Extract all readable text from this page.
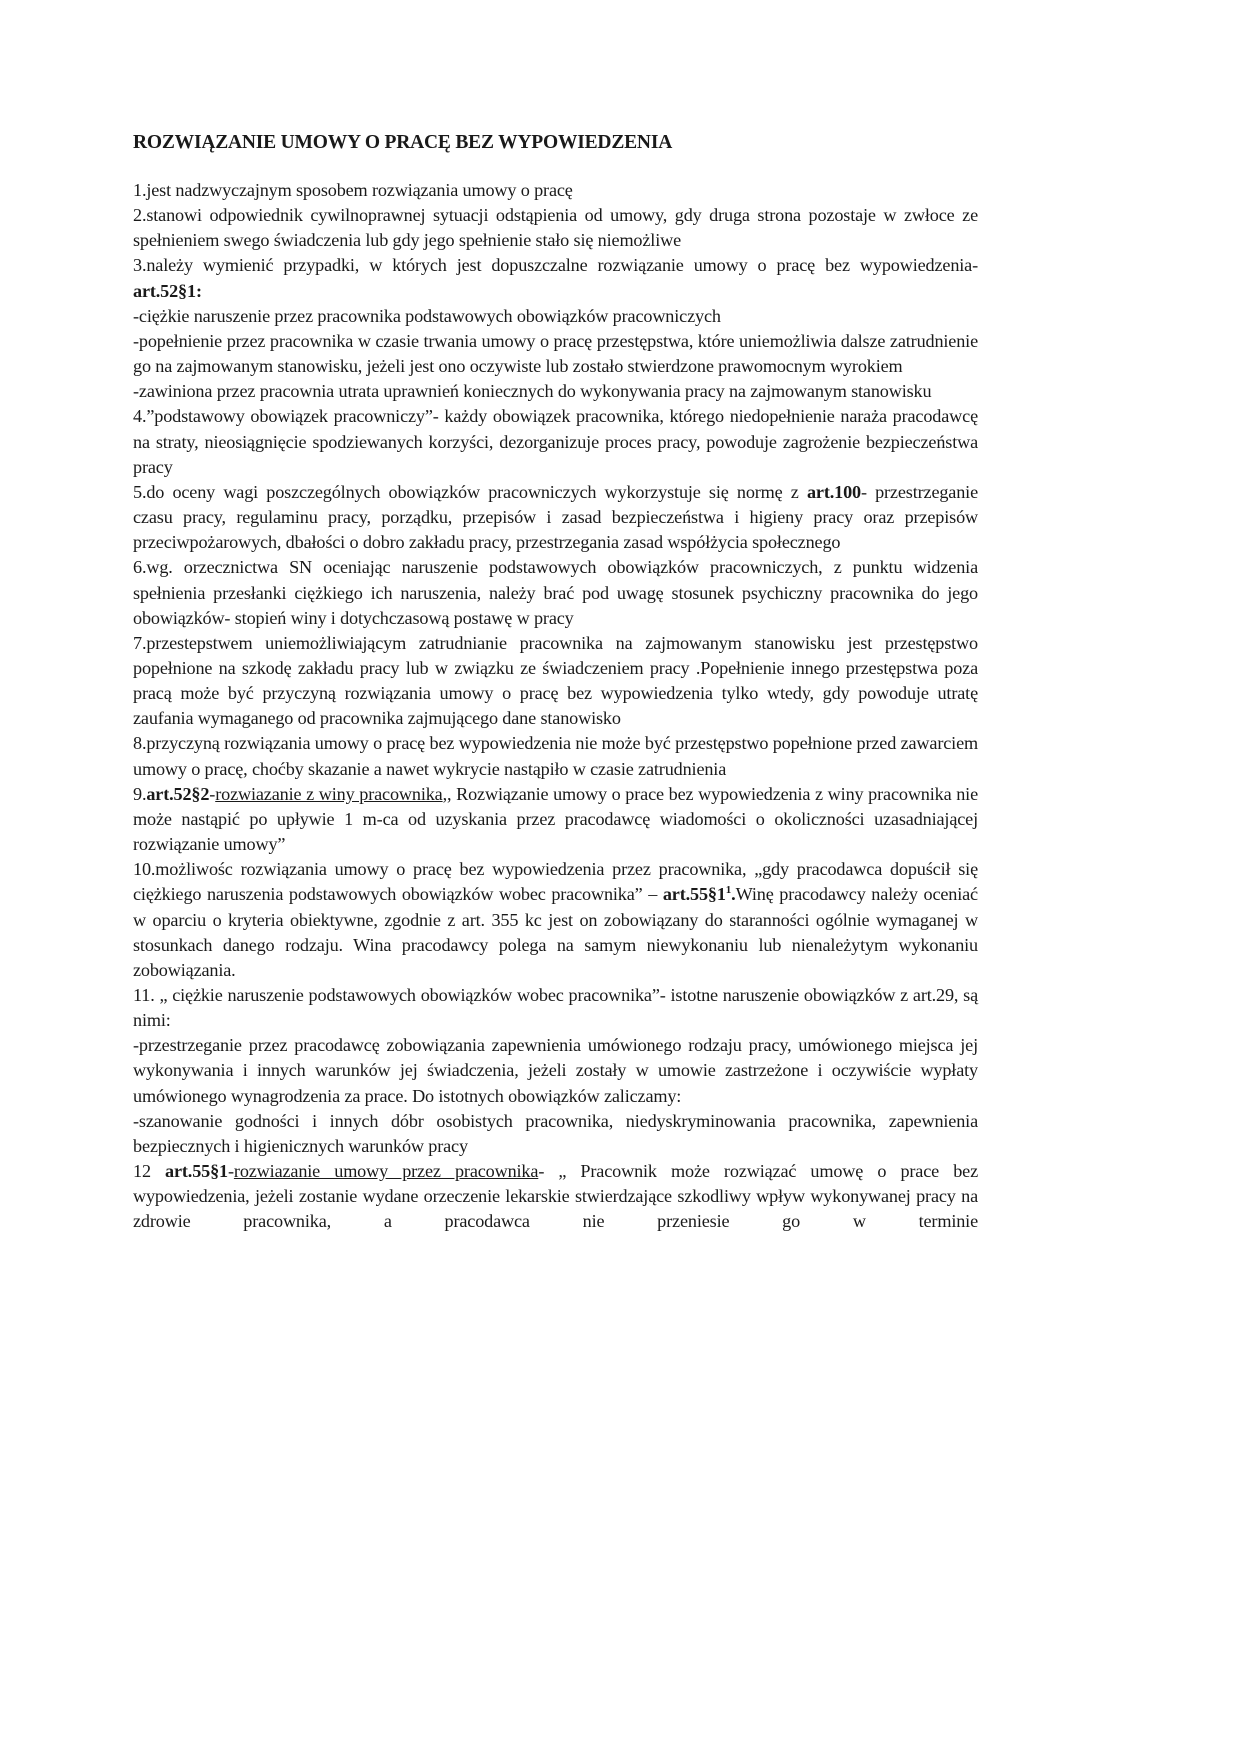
ROZWIĄZANIE UMOWY O PRACĘ BEZ WYPOWIEDZENIA

1.jest nadzwyczajnym sposobem rozwiązania umowy o pracę

2.stanowi odpowiednik cywilnoprawnej sytuacji odstąpienia od umowy, gdy druga strona pozostaje w zwłoce ze spełnieniem swego świadczenia lub gdy jego spełnienie stało się niemożliwe

3.należy wymienić przypadki, w których jest dopuszczalne rozwiązanie umowy o pracę bez wypowiedzenia-art.52§1:

-ciężkie naruszenie przez pracownika podstawowych obowiązków pracowniczych

-popełnienie przez pracownika w czasie trwania umowy o pracę przestępstwa, które uniemożliwia dalsze zatrudnienie go na zajmowanym stanowisku, jeżeli jest ono oczywiste lub zostało stwierdzone prawomocnym wyrokiem

-zawiniona przez pracownia utrata uprawnień koniecznych do wykonywania pracy na zajmowanym stanowisku

4.”podstawowy obowiązek pracowniczy”- każdy obowiązek pracownika, którego niedopełnienie naraża pracodawcę na straty, nieosiągnięcie spodziewanych korzyści, dezorganizuje proces pracy, powoduje zagrożenie bezpieczeństwa pracy

5.do oceny wagi poszczególnych obowiązków pracowniczych wykorzystuje się normę z art.100- przestrzeganie czasu pracy, regulaminu pracy, porządku, przepisów i zasad bezpieczeństwa i higieny pracy oraz przepisów przeciwpożarowych, dbałości o dobro zakładu pracy, przestrzegania zasad współżycia społecznego

6.wg. orzecznictwa SN oceniając naruszenie podstawowych obowiązków pracowniczych, z punktu widzenia spełnienia przesłanki ciężkiego ich naruszenia, należy brać pod uwagę stosunek psychiczny pracownika do jego obowiązków- stopień winy i dotychczasową postawę w pracy

7.przestepstwem uniemożliwiającym zatrudnianie pracownika na zajmowanym stanowisku jest przestępstwo popełnione na szkodę zakładu pracy lub w związku ze świadczeniem pracy .Popełnienie innego przestępstwa poza pracą może być przyczyną rozwiązania umowy o pracę bez wypowiedzenia tylko wtedy, gdy powoduje utratę zaufania wymaganego od pracownika zajmującego dane stanowisko

8.przyczyną rozwiązania umowy o pracę bez wypowiedzenia nie może być przestępstwo popełnione przed zawarciem umowy o pracę, choćby skazanie a nawet wykrycie nastąpiło w czasie zatrudnienia

9.art.52§2-rozwiazanie z winy pracownika,, Rozwiązanie umowy o prace bez wypowiedzenia z winy pracownika nie może nastąpić po upływie 1 m-ca od uzyskania przez pracodawcę wiadomości o okoliczności uzasadniającej rozwiązanie umowy”

10.możliwośc rozwiązania umowy o pracę bez wypowiedzenia przez pracownika, „gdy pracodawca dopuścił się ciężkiego naruszenia podstawowych obowiązków wobec pracownika” – $art.55\S 1^1.Winę$ pracodawcy należy oceniać w oparciu o kryteria obiektywne, zgodnie z art. 355 kc jest on zobowiązany do staranności ogólnie wymaganej w stosunkach danego rodzaju. Wina pracodawcy polega na samym niewykonaniu lub nienależytym wykonaniu zobowiązania.

11. „ ciężkie naruszenie podstawowych obowiązków wobec pracownika”- istotne naruszenie obowiązków z art.29, są nimi:

-przestrzeganie przez pracodawcę zobowiązania zapewnienia umówionego rodzaju pracy, umówionego miejsca jej wykonywania i innych warunków jej świadczenia, jeżeli zostały w umowie zastrzeżone i oczywiście wypłaty umówionego wynagrodzenia za prace. Do istotnych obowiązków zaliczamy:

-szanowanie godności i innych dóbr osobistych pracownika, niedyskryminowania pracownika, zapewnienia bezpiecznych i higienicznych warunków pracy

12 art.55§1-rozwiazanie umowy przez pracownika- „ Pracownik może rozwiązać umowę o prace bez wypowiedzenia, jeżeli zostanie wydane orzeczenie lekarskie stwierdzające szkodliwy wpływ wykonywanej pracy na zdrowie pracownika, a pracodawca nie przeniesie go w terminie
